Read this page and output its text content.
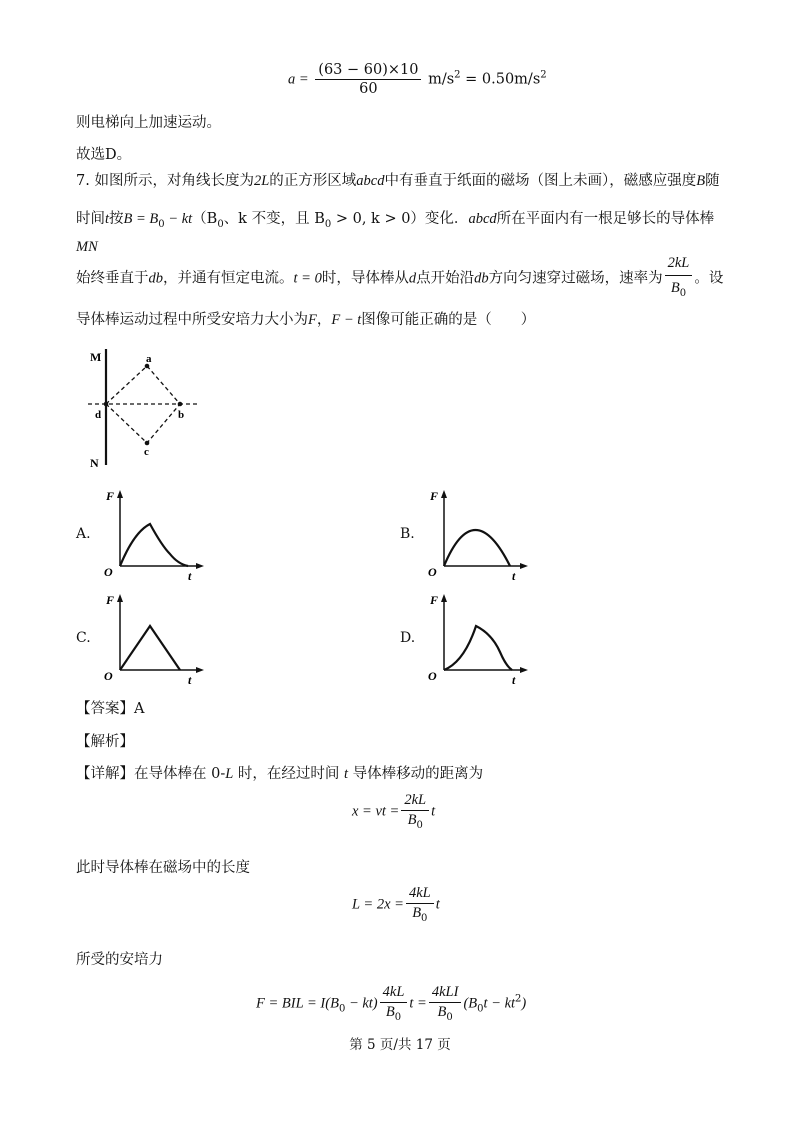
$a = \frac{(63 - 60)\times 10}{60} m/s^2 = 0.50m/s^2$
则电梯向上加速运动。
故选D。
7. 如图所示，对角线长度为2L的正方形区域abcd中有垂直于纸面的磁场（图上未画），磁感应强度B随
时间t按$B = B_0 - kt(B_0$、k 不变，且 $B_0 > 0$, k > 0）变化．abcd所在平面内有一根足够长的导体棒MN
始终垂直于db，并通有恒定电流。t = 0时，导体棒从d点开始沿db方向匀速穿过磁场，速率为 $\frac{2kL}{B_0}$ 。设
导体棒运动过程中所受安培力大小为F，F − t图像可能正确的是（　　）
M
N
a
b
c
d
A.
F
O	t
B.
F
O	t
C.
F
O	t
D.
F
O	t
【答案】A
【解析】
【详解】在导体棒在 0-L 时，在经过时间 t 导体棒移动的距离为
x = vt = $\frac{2kL}{B_0}$ t
此时导体棒在磁场中的长度
$L = 2x = \frac{4kL}{B_0}$ t
所受的安培力
F = BIL = $I(B_0 - kt) \frac{4kL}{B_0}$ $t = \frac{\text{4kLI}}{B_0} (B_0t - kt^2)$
第 5 页/共 17 页
